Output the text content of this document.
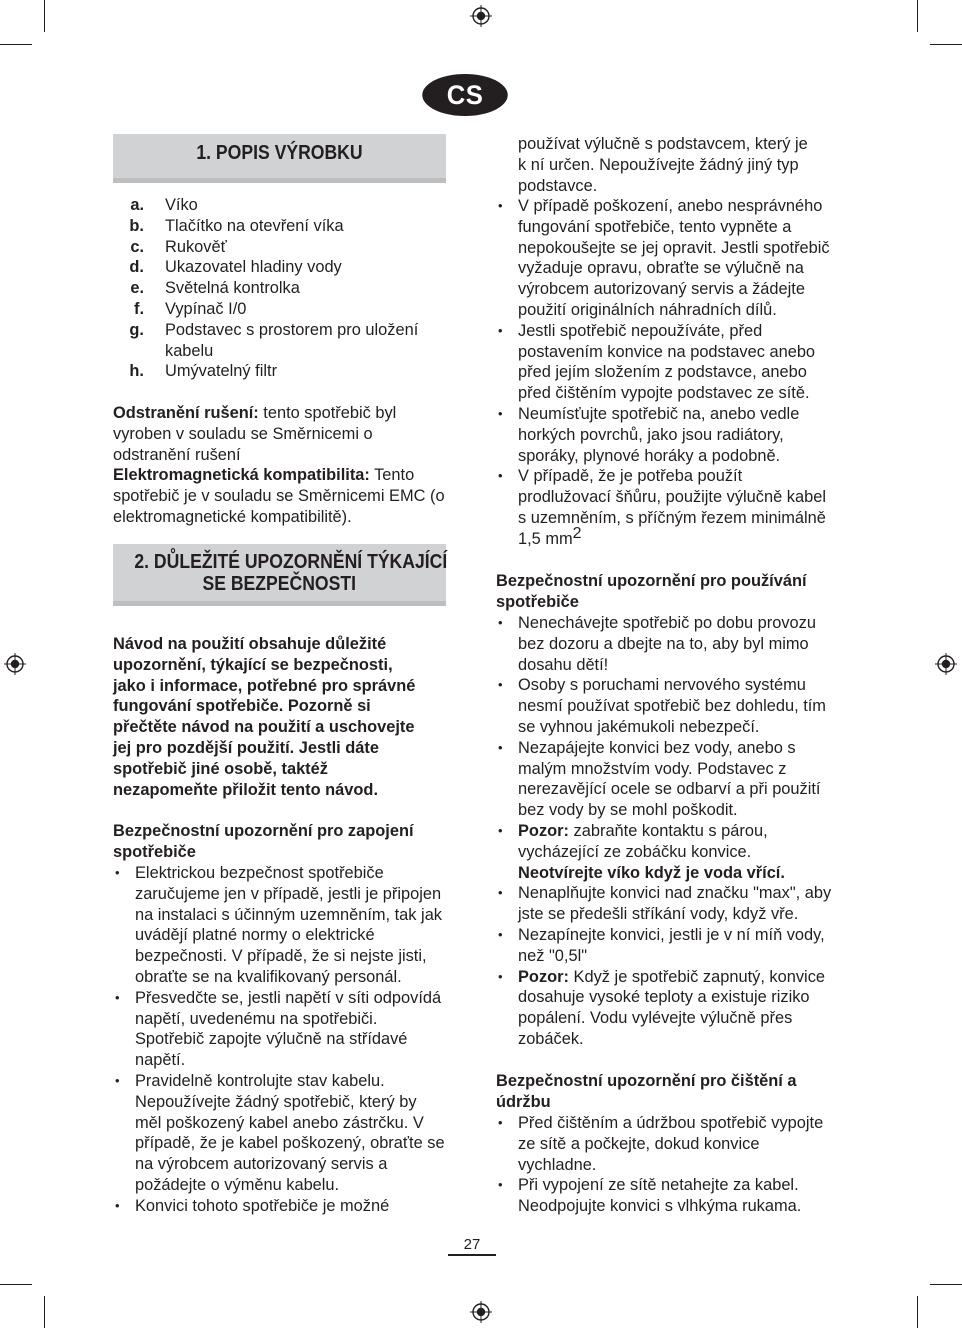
CS
1. POPIS VÝROBKU
a.	Víko
b.	Tlačítko na otevření víka
c.	Rukověť
d.	Ukazovatel hladiny vody
e.	Světelná kontrolka
f.	Vypínač I/0
g.	Podstavec s prostorem pro uložení kabelu
h.	Umývatelný filtr

Odstranění rušení: tento spotřebič byl vyroben v souladu se Směrnicemi o odstranění rušení

Elektromagnetická kompatibilita: Tento spotřebič je v souladu se Směrnicemi EMC (o elektromagnetické kompatibilitě).

2. DŮLEŽITÉ UPOZORNĚNÍ TÝKAJÍCÍ
SE BEZPEČNOSTI
Návod na použití obsahuje důležité upozornění, týkající se bezpečnosti, jako i informace, potřebné pro správné fungování spotřebiče. Pozorně si přečtěte návod na použití a uschovejte jej pro pozdější použití. Jestli dáte spotřebič jiné osobě, taktéž nezapomeňte přiložit tento návod.
Bezpečnostní upozornění pro zapojení spotřebiče
• Elektrickou bezpečnost spotřebiče zaručujeme jen v případě, jestli je připojen na instalaci s účinným uzemněním, tak jak uvádějí platné normy o elektrické bezpečnosti. V případě, že si nejste jisti, obraťte se na kvalifikovaný personál.
• Přesvedčte se, jestli napětí v síti odpovídá napětí, uvedenému na spotřebiči. Spotřebič zapojte výlučně na střídavé napětí.
• Pravidelně kontrolujte stav kabelu. Nepoužívejte žádný spotřebič, který by měl poškozený kabel anebo zástrčku. V případě, že je kabel poškozený, obraťte se na výrobcem autorizovaný servis a požádejte o výměnu kabelu.
• Konvici tohoto spotřebiče je možné
používat výlučně s podstavcem, který je k ní určen. Nepoužívejte žádný jiný typ podstavce.
• V případě poškození, anebo nesprávného fungování spotřebiče, tento vypněte a nepokoušejte se jej opravit. Jestli spotřebič vyžaduje opravu, obraťte se výlučně na výrobcem autorizovaný servis a žádejte použití originálních náhradních dílů.
• Jestli spotřebič nepoužíváte, před postavením konvice na podstavec anebo před jejím složením z podstavce, anebo před čištěním vypojte podstavec ze sítě.
• Neumísťujte spotřebič na, anebo vedle horkých povrchů, jako jsou radiátory, sporáky, plynové horáky a podobně.
• V případě, že je potřeba použít prodlužovací šňůru, použijte výlučně kabel s uzemněním, s příčným řezem minimálně 1,5 $mm^2$
Bezpečnostní upozornění pro používání spotřebiče
• Nenechávejte spotřebič po dobu provozu bez dozoru a dbejte na to, aby byl mimo dosahu dětí!
• Osoby s poruchami nervového systému nesmí používat spotřebič bez dohledu, tím se vyhnou jakémukoli nebezpečí.
• Nezapájejte konvici bez vody, anebo s malým množstvím vody. Podstavec z nerezavějící ocele se odbarví a při použití bez vody by se mohl poškodit.
• Pozor: zabraňte kontaktu s párou, vycházející ze zobáčku konvice.
Neotvírejte víko když je voda vřící.
• Nenaplňujte konvici nad značku "max", aby jste se předešli stříkání vody, když vře.
• Nezapínejte konvici, jestli je v ní míň vody, než "0,5l"
• Pozor: Když je spotřebič zapnutý, konvice dosahuje vysoké teploty a existuje riziko popálení. Vodu vylévejte výlučně přes zobáček.
Bezpečnostní upozornění pro čištění a údržbu
• Před čištěním a údržbou spotřebič vypojte ze sítě a počkejte, dokud konvice vychladne.
• Při vypojení ze sítě netahejte za kabel. Neodpojujte konvici s vlhkýma rukama.
27
